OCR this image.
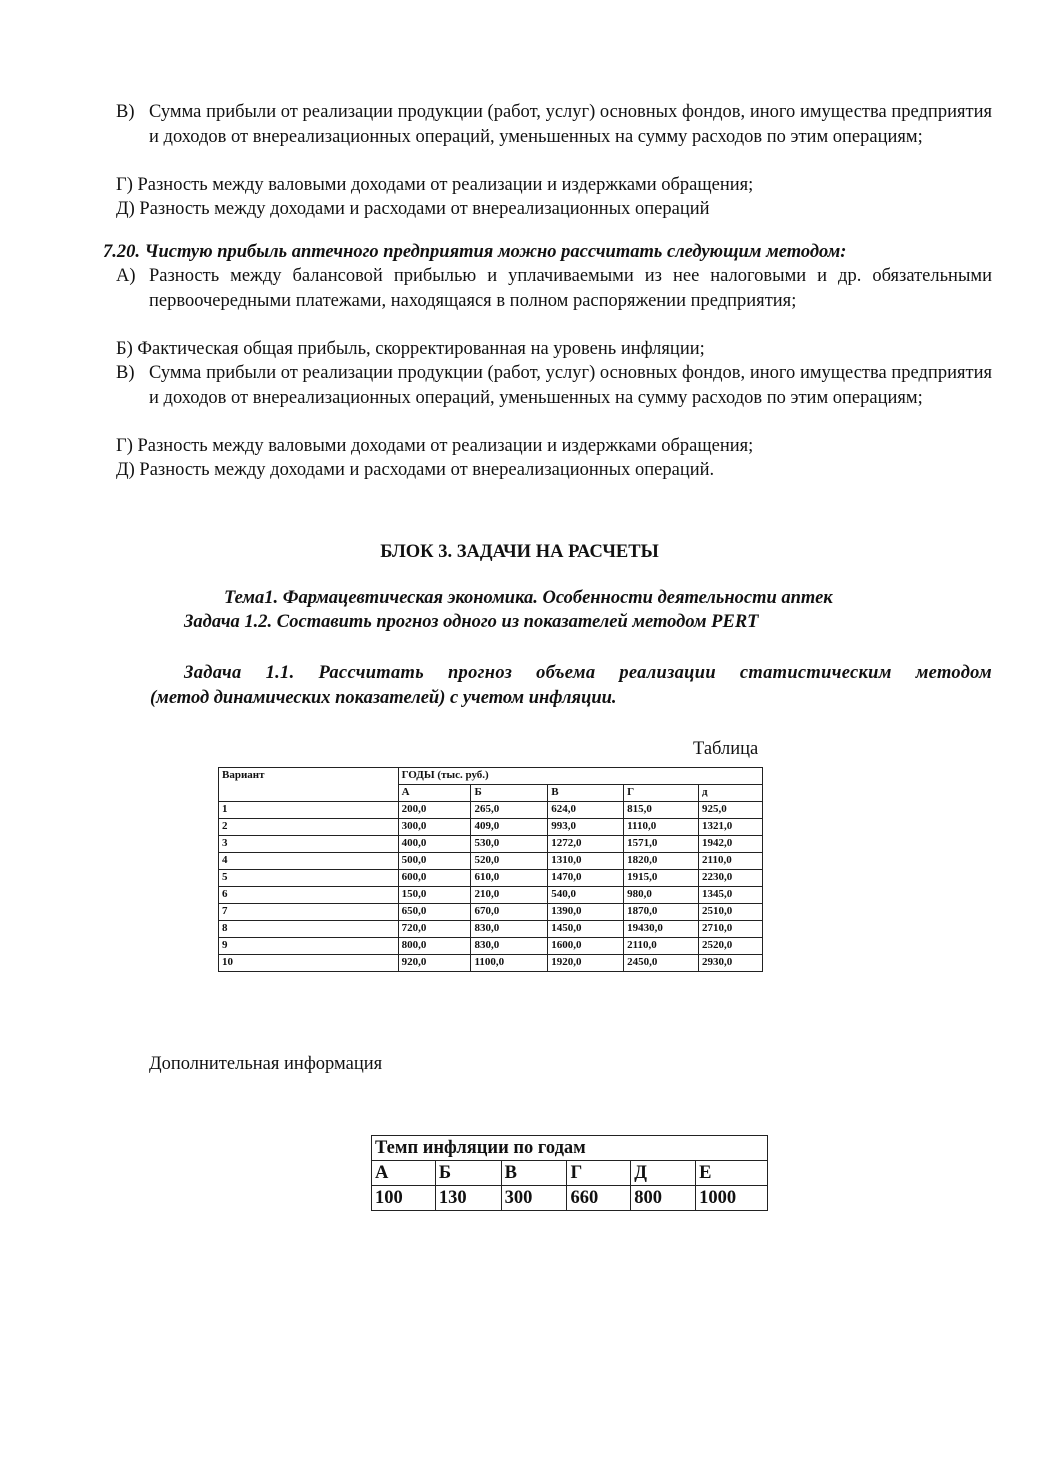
В) Сумма прибыли от реализации продукции (работ, услуг) основных фондов, иного имущества предприятия и доходов от внереализационных операций, уменьшенных на сумму расходов по этим операциям;
Г) Разность между валовыми доходами от реализации и издержками обращения;
Д) Разность между доходами и расходами от внереализационных операций
7.20. Чистую прибыль аптечного предприятия можно рассчитать следующим методом:
А) Разность между балансовой прибылью и уплачиваемыми из нее налоговыми и др. обязательными первоочередными платежами, находящаяся в полном распоряжении предприятия;
Б) Фактическая общая прибыль, скорректированная на уровень инфляции;
В) Сумма прибыли от реализации продукции (работ, услуг) основных фондов, иного имущества предприятия и доходов от внереализационных операций, уменьшенных на сумму расходов по этим операциям;
Г) Разность между валовыми доходами от реализации и издержками обращения;
Д) Разность между доходами и расходами от внереализационных операций.
БЛОК 3. ЗАДАЧИ НА РАСЧЕТЫ
Тема1. Фармацевтическая экономика. Особенности деятельности аптек
Задача 1.2. Составить прогноз одного из показателей методом PERT
Задача 1.1. Рассчитать прогноз объема реализации статистическим методом
(метод динамических показателей) с учетом инфляции.
Таблица
Вариант	ГОДЫ (тыс. руб.)				
	А	Б	В	Г	д
1	200,0	265,0	624,0	815,0	925,0
2	300,0	409,0	993,0	1110,0	1321,0
3	400,0	530,0	1272,0	1571,0	1942,0
4	500,0	520,0	1310,0	1820,0	2110,0
5	600,0	610,0	1470,0	1915,0	2230,0
6	150,0	210,0	540,0	980,0	1345,0
7	650,0	670,0	1390,0	1870,0	2510,0
8	720,0	830,0	1450,0	19430,0	2710,0
9	800,0	830,0	1600,0	2110,0	2520,0
10	920,0	1100,0	1920,0	2450,0	2930,0
Дополнительная информация
Темп инфляции по годам					
А	Б	В	Г	Д	Е
100	130	300	660	800	1000
